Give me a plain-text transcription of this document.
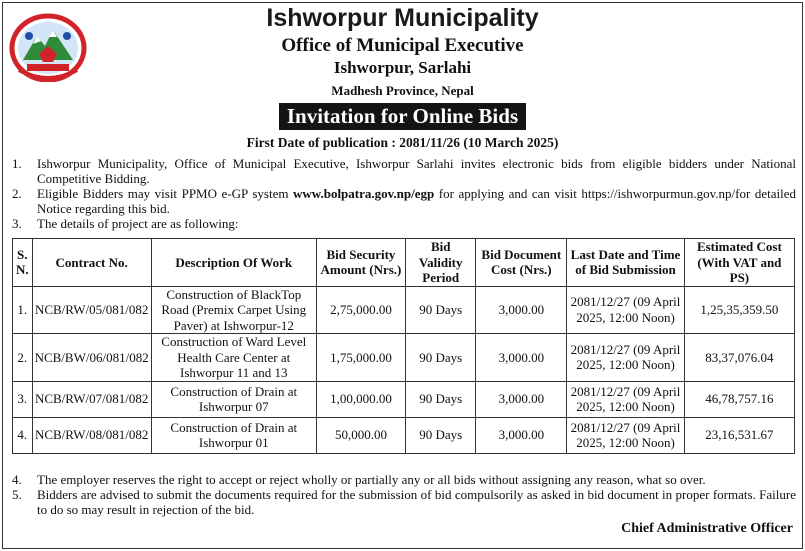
Ishworpur Municipality
Office of Municipal Executive
Ishworpur, Sarlahi
Madhesh Province, Nepal
Invitation for Online Bids
First Date of publication : 2081/11/26 (10 March 2025)
1.	Ishworpur Municipality, Office of Municipal Executive, Ishworpur Sarlahi invites electronic bids from eligible bidders under National Competitive Bidding.
2.	Eligible Bidders may visit PPMO e-GP system www.bolpatra.gov.np/egp for applying and can visit https://ishworpurmun.gov.np/for detailed Notice regarding this bid.
3.	The details of project are as following:
S. N.	Contract No.	Description Of Work	Bid Security Amount (Nrs.)	Bid Validity Period	Bid Document Cost (Nrs.)	Last Date and Time of Bid Submission	Estimated Cost (With VAT and PS)
1.	NCB/RW/05/081/082	Construction of BlackTop Road (Premix Carpet Using Paver) at Ishworpur-12	2,75,000.00	90 Days	3,000.00	2081/12/27 (09 April 2025, 12:00 Noon)	1,25,35,359.50
2.	NCB/BW/06/081/082	Construction of Ward Level Health Care Center at Ishworpur 11 and 13	1,75,000.00	90 Days	3,000.00	2081/12/27 (09 April 2025, 12:00 Noon)	83,37,076.04
3.	NCB/RW/07/081/082	Construction of Drain at Ishworpur 07	1,00,000.00	90 Days	3,000.00	2081/12/27 (09 April 2025, 12:00 Noon)	46,78,757.16
4.	NCB/RW/08/081/082	Construction of Drain at Ishworpur 01	50,000.00	90 Days	3,000.00	2081/12/27 (09 April 2025, 12:00 Noon)	23,16,531.67
4.	The employer reserves the right to accept or reject wholly or partially any or all bids without assigning any reason, what so over.
5.	Bidders are advised to submit the documents required for the submission of bid compulsorily as asked in bid document in proper formats. Failure to do so may result in rejection of the bid.
Chief Administrative Officer
